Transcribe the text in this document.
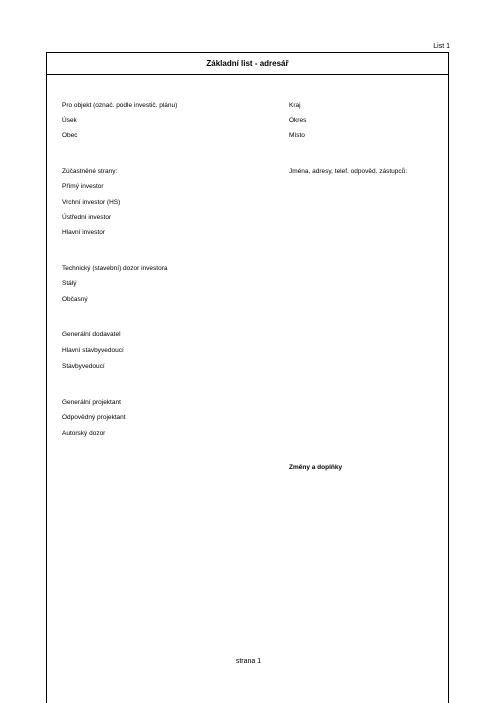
List 1
Základní list - adresář
Pro objekt (označ. podle investič. plánu)
Úsek
Obec
Zúčastněné strany:
Přímý investor
Vrchní investor (HS)
Ústřední investor
Hlavní investor
Technický (stavební) dozor investora
Stálý
Občasný
Generální dodavatel
Hlavní stavbyvedoucí
Stavbyvedoucí
Generální projektant
Odpovědný projektant
Autorský dozor
Kraj
Okres
Místo
Jména, adresy, telef. odpověd. zástupců:
Změny a doplňky
strana 1
